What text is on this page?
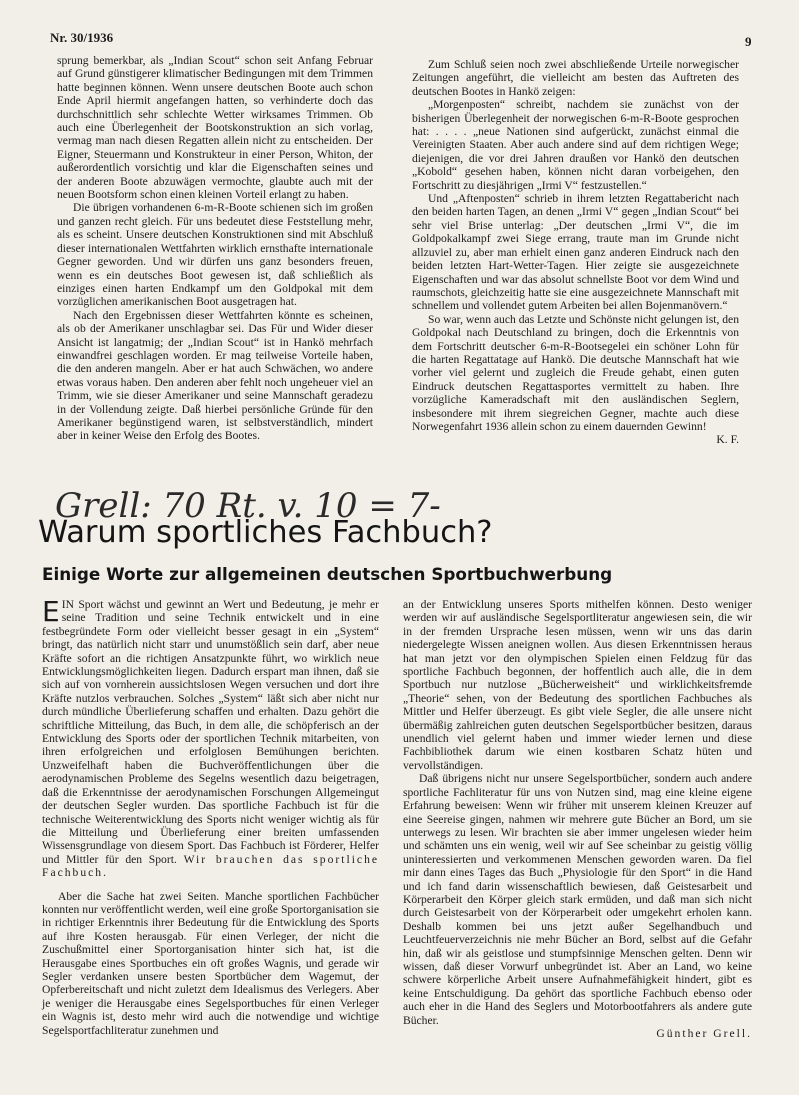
Nr. 30/1936	9

sprung bemerkbar, als „Indian Scout“ schon seit Anfang Februar auf Grund günstigerer klimatischer Bedingungen mit dem Trimmen hatte beginnen können. Wenn unsere deutschen Boote auch schon Ende April hiermit angefangen hatten, so verhinderte doch das durchschnittlich sehr schlechte Wetter wirksames Trimmen. Ob auch eine Überlegenheit der Bootskonstruktion an sich vorlag, vermag man nach diesen Regatten allein nicht zu entscheiden. Der Eigner, Steuermann und Konstrukteur in einer Person, Whiton, der außerordentlich vorsichtig und klar die Eigenschaften seines und der anderen Boote abzuwägen vermochte, glaubte auch mit der neuen Bootsform schon einen kleinen Vorteil erlangt zu haben.

Die übrigen vorhandenen 6-m-R-Boote schienen sich im großen und ganzen recht gleich. Für uns bedeutet diese Feststellung mehr, als es scheint. Unsere deutschen Konstruktionen sind mit Abschluß dieser internationalen Wettfahrten wirklich ernsthafte internationale Gegner geworden. Und wir dürfen uns ganz besonders freuen, wenn es ein deutsches Boot gewesen ist, daß schließlich als einziges einen harten Endkampf um den Goldpokal mit dem vorzüglichen amerikanischen Boot ausgetragen hat.

Nach den Ergebnissen dieser Wettfahrten könnte es scheinen, als ob der Amerikaner unschlagbar sei. Das Für und Wider dieser Ansicht ist langatmig; der „Indian Scout“ ist in Hankö mehrfach einwandfrei geschlagen worden. Er mag teilweise Vorteile haben, die den anderen mangeln. Aber er hat auch Schwächen, wo andere etwas voraus haben. Den anderen aber fehlt noch ungeheuer viel an Trimm, wie sie dieser Amerikaner und seine Mannschaft geradezu in der Vollendung zeigte. Daß hierbei persönliche Gründe für den Amerikaner begünstigend waren, ist selbstverständlich, mindert aber in keiner Weise den Erfolg des Bootes.

Zum Schluß seien noch zwei abschließende Urteile norwegischer Zeitungen angeführt, die vielleicht am besten das Auftreten des deutschen Bootes in Hankö zeigen:

„Morgenposten“ schreibt, nachdem sie zunächst von der bisherigen Überlegenheit der norwegischen 6-m-R-Boote gesprochen hat: . . . . „neue Nationen sind aufgerückt, zunächst einmal die Vereinigten Staaten. Aber auch andere sind auf dem richtigen Wege; diejenigen, die vor drei Jahren draußen vor Hankö den deutschen „Kobold“ gesehen haben, können nicht daran vorbeigehen, den Fortschritt zu diesjährigen „Irmi V“ festzustellen.“

Und „Aftenposten“ schrieb in ihrem letzten Regattabericht nach den beiden harten Tagen, an denen „Irmi V“ gegen „Indian Scout“ bei sehr viel Brise unterlag: „Der deutschen „Irmi V“, die im Goldpokalkampf zwei Siege errang, traute man im Grunde nicht allzuviel zu, aber man erhielt einen ganz anderen Eindruck nach den beiden letzten Hart-Wetter-Tagen. Hier zeigte sie ausgezeichnete Eigenschaften und war das absolut schnellste Boot vor dem Wind und raumschots, gleichzeitig hatte sie eine ausgezeichnete Mannschaft mit schnellem und vollendet gutem Arbeiten bei allen Bojenmanövern.“

So war, wenn auch das Letzte und Schönste nicht gelungen ist, den Goldpokal nach Deutschland zu bringen, doch die Erkenntnis von dem Fortschritt deutscher 6-m-R-Bootsegelei ein schöner Lohn für die harten Regattatage auf Hankö. Die deutsche Mannschaft hat wie vorher viel gelernt und zugleich die Freude gehabt, einen guten Eindruck deutschen Regattasportes vermittelt zu haben. Ihre vorzügliche Kameradschaft mit den ausländischen Seglern, insbesondere mit ihrem siegreichen Gegner, machte auch diese Norwegenfahrt 1936 allein schon zu einem dauernden Gewinn!

K. F.

Grell: 70 Rt. v. 10 = 7-
Warum sportliches Fachbuch?
Einige Worte zur allgemeinen deutschen Sportbuchwerbung

EIN Sport wächst und gewinnt an Wert und Bedeutung, je mehr er seine Tradition und seine Technik entwickelt und in eine festbegründete Form oder vielleicht besser gesagt in ein „System“ bringt, das natürlich nicht starr und unumstößlich sein darf, aber neue Kräfte sofort an die richtigen Ansatzpunkte führt, wo wirklich neue Entwicklungsmöglichkeiten liegen. Dadurch erspart man ihnen, daß sie sich auf von vornherein aussichtslosen Wegen versuchen und dort ihre Kräfte nutzlos verbrauchen. Solches „System“ läßt sich aber nicht nur durch mündliche Überlieferung schaffen und erhalten. Dazu gehört die schriftliche Mitteilung, das Buch, in dem alle, die schöpferisch an der Entwicklung des Sports oder der sportlichen Technik mitarbeiten, von ihren erfolgreichen und erfolglosen Bemühungen berichten. Unzweifelhaft haben die Buchveröffentlichungen über die aerodynamischen Probleme des Segelns wesentlich dazu beigetragen, daß die Erkenntnisse der aerodynamischen Forschungen Allgemeingut der deutschen Segler wurden. Das sportliche Fachbuch ist für die technische Weiterentwicklung des Sports nicht weniger wichtig als für die Mitteilung und Überlieferung einer breiten umfassenden Wissensgrundlage von diesem Sport. Das Fachbuch ist Förderer, Helfer und Mittler für den Sport. Wir brauchen das sportliche Fachbuch.

Aber die Sache hat zwei Seiten. Manche sportlichen Fachbücher konnten nur veröffentlicht werden, weil eine große Sportorganisation sie in richtiger Erkenntnis ihrer Bedeutung für die Entwicklung des Sports auf ihre Kosten herausgab. Für einen Verleger, der nicht die Zuschußmittel einer Sportorganisation hinter sich hat, ist die Herausgabe eines Sportbuches ein oft großes Wagnis, und gerade wir Segler verdanken unsere besten Sportbücher dem Wagemut, der Opferbereitschaft und nicht zuletzt dem Idealismus des Verlegers. Aber je weniger die Herausgabe eines Segelsportbuches für einen Verleger ein Wagnis ist, desto mehr wird auch die notwendige und wichtige Segelsportfachliteratur zunehmen und

an der Entwicklung unseres Sports mithelfen können. Desto weniger werden wir auf ausländische Segelsportliteratur angewiesen sein, die wir in der fremden Ursprache lesen müssen, wenn wir uns das darin niedergelegte Wissen aneignen wollen. Aus diesen Erkenntnissen heraus hat man jetzt vor den olympischen Spielen einen Feldzug für das sportliche Fachbuch begonnen, der hoffentlich auch alle, die in dem Sportbuch nur nutzlose „Bücherweisheit“ und wirklichkeitsfremde „Theorie“ sehen, von der Bedeutung des sportlichen Fachbuches als Mittler und Helfer überzeugt. Es gibt viele Segler, die alle unsere nicht übermäßig zahlreichen guten deutschen Segelsportbücher besitzen, daraus unendlich viel gelernt haben und immer wieder lernen und diese Fachbibliothek darum wie einen kostbaren Schatz hüten und vervollständigen.

Daß übrigens nicht nur unsere Segelsportbücher, sondern auch andere sportliche Fachliteratur für uns von Nutzen sind, mag eine kleine eigene Erfahrung beweisen: Wenn wir früher mit unserem kleinen Kreuzer auf eine Seereise gingen, nahmen wir mehrere gute Bücher an Bord, um sie unterwegs zu lesen. Wir brachten sie aber immer ungelesen wieder heim und schämten uns ein wenig, weil wir auf See scheinbar zu geistig völlig uninteressierten und verkommenen Menschen geworden waren. Da fiel mir dann eines Tages das Buch „Physiologie für den Sport“ in die Hand und ich fand darin wissenschaftlich bewiesen, daß Geistesarbeit und Körperarbeit den Körper gleich stark ermüden, und daß man sich nicht durch Geistesarbeit von der Körperarbeit oder umgekehrt erholen kann. Deshalb kommen bei uns jetzt außer Segelhandbuch und Leuchtfeuerverzeichnis nie mehr Bücher an Bord, selbst auf die Gefahr hin, daß wir als geistlose und stumpfsinnige Menschen gelten. Denn wir wissen, daß dieser Vorwurf unbegründet ist. Aber an Land, wo keine schwere körperliche Arbeit unsere Aufnahmefähigkeit hindert, gibt es keine Entschuldigung. Da gehört das sportliche Fachbuch ebenso oder auch eher in die Hand des Seglers und Motorbootfahrers als andere gute Bücher.

Günther Grell.
